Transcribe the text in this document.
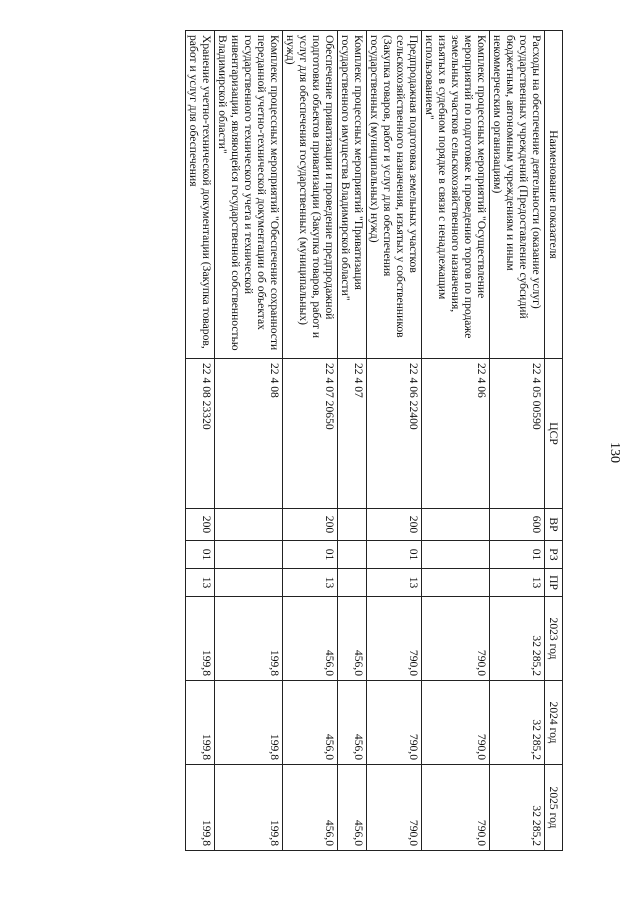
130
Наименование показателя	ЦСР	ВР	РЗ	ПР	2023 год	2024 год	2025 год
Расходы на обеспечение деятельности (оказание услуг) государственных учреждений (Предоставление субсидий бюджетным, автономным учреждениям и иным некоммерческим организациям)	22 4 05 00590	600	01	13	32 285,2	32 285,2	32 285,2
Комплекс процессных мероприятий "Осуществление мероприятий по подготовке к проведению торгов по продаже земельных участков сельскохозяйственного назначения, изъятых в судебном порядке в связи с ненадлежащим использованием"	22 4 06				790,0	790,0	790,0
Предпродажная подготовка земельных участков сельскохозяйственного назначения, изъятых у собственников (Закупка товаров, работ и услуг для обеспечения государственных (муниципальных) нужд)	22 4 06 22400	200	01	13	790,0	790,0	790,0
Комплекс процессных мероприятий "Приватизация государственного имущества Владимирской области"	22 4 07				456,0	456,0	456,0
Обеспечение приватизации и проведение предпродажной подготовки объектов приватизации (Закупка товаров, работ и услуг для обеспечения государственных (муниципальных) нужд)	22 4 07 20650	200	01	13	456,0	456,0	456,0
Комплекс процессных мероприятий "Обеспечение сохранности переданной учетно-технической документации об объектах государственного технического учета и технической инвентаризации, являющейся государственной собственностью Владимирской области"	22 4 08				199,8	199,8	199,8
Хранение учетно-технической документации (Закупка товаров, работ и услуг для обеспечения	22 4 08 23320	200	01	13	199,8	199,8	199,8
